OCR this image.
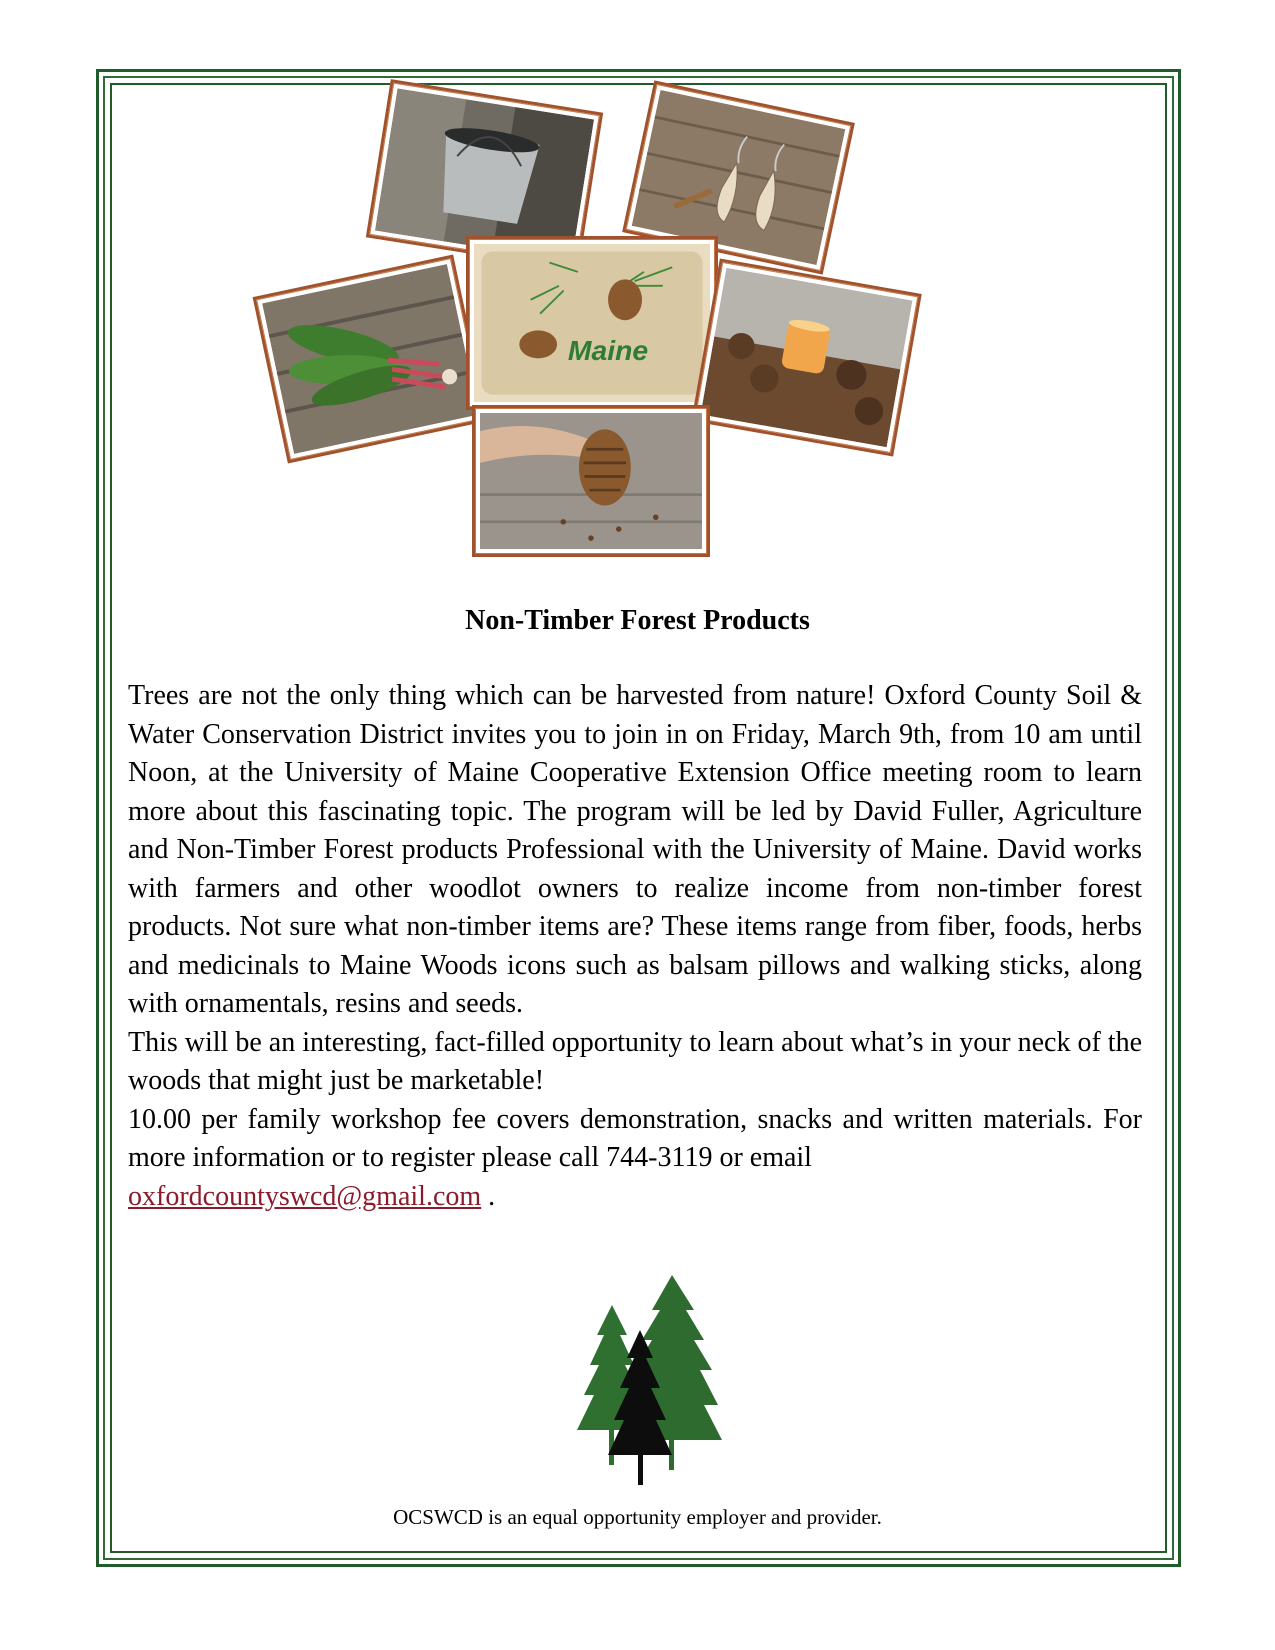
Maine
Non-Timber Forest Products

Trees are not the only thing which can be harvested from nature! Oxford County Soil & Water Conservation District invites you to join in on Friday, March 9th, from 10 am until Noon, at the University of Maine Cooperative Extension Office meeting room to learn more about this fascinating topic. The program will be led by David Fuller, Agriculture and Non-Timber Forest products Professional with the University of Maine. David works with farmers and other woodlot owners to realize income from non-timber forest products. Not sure what non-timber items are? These items range from fiber, foods, herbs and medicinals to Maine Woods icons such as balsam pillows and walking sticks, along with ornamentals, resins and seeds.

This will be an interesting, fact-filled opportunity to learn about what’s in your neck of the woods that might just be marketable!

10.00 per family workshop fee covers demonstration, snacks and written materials. For more information or to register please call 744-3119 or email
oxfordcountyswcd@gmail.com .

OCSWCD is an equal opportunity employer and provider.
